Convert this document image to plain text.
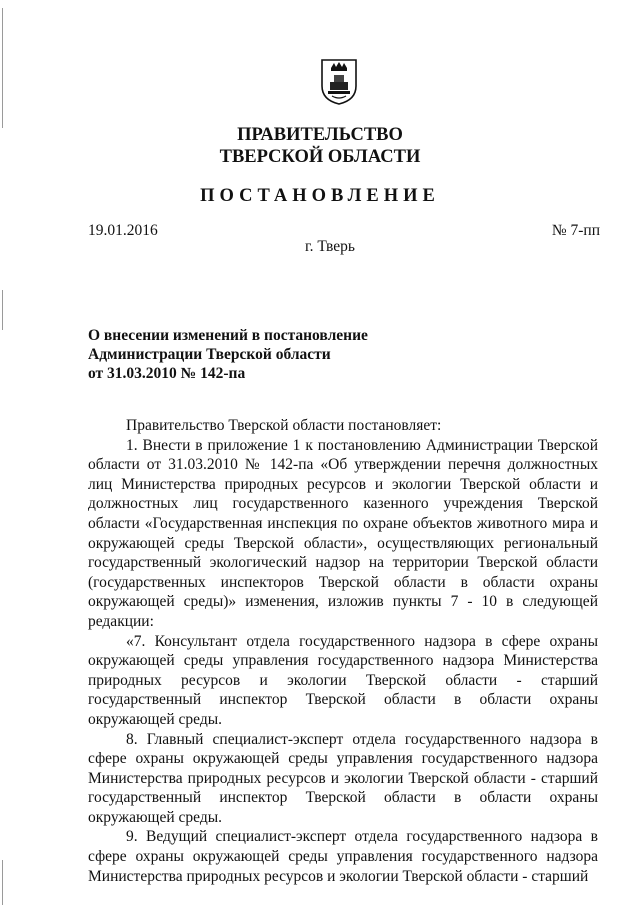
ПРАВИТЕЛЬСТВО
ТВЕРСКОЙ ОБЛАСТИ
ПОСТАНОВЛЕНИЕ
19.01.2016	№ 7-пп
г. Тверь
О внесении изменений в постановление
Администрации Тверской области
от 31.03.2010 № 142-па

Правительство Тверской области постановляет:

1. Внести в приложение 1 к постановлению Администрации Тверской области от 31.03.2010 № 142-па «Об утверждении перечня должностных лиц Министерства природных ресурсов и экологии Тверской области и должностных лиц государственного казенного учреждения Тверской области «Государственная инспекция по охране объектов животного мира и окружающей среды Тверской области», осуществляющих региональный государственный экологический надзор на территории Тверской области (государственных инспекторов Тверской области в области охраны окружающей среды)» изменения, изложив пункты 7 - 10 в следующей редакции:

«7. Консультант отдела государственного надзора в сфере охраны окружающей среды управления государственного надзора Министерства природных ресурсов и экологии Тверской области - старший государственный инспектор Тверской области в области охраны окружающей среды.

8. Главный специалист-эксперт отдела государственного надзора в сфере охраны окружающей среды управления государственного надзора Министерства природных ресурсов и экологии Тверской области - старший государственный инспектор Тверской области в области охраны окружающей среды.

9. Ведущий специалист-эксперт отдела государственного надзора в сфере охраны окружающей среды управления государственного надзора Министерства природных ресурсов и экологии Тверской области - старший
